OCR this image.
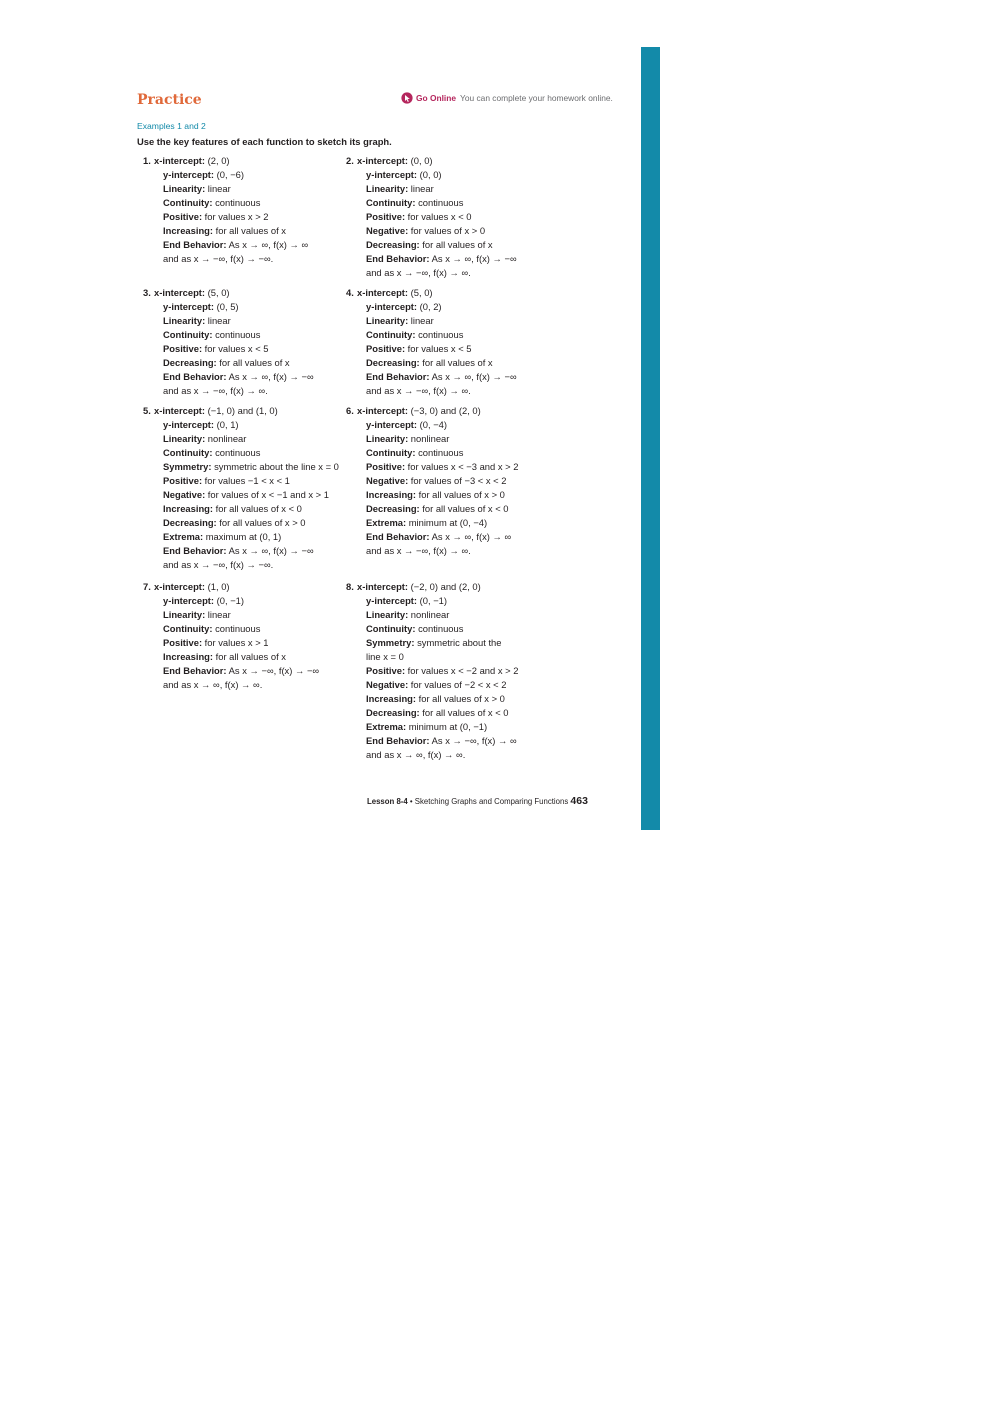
Practice	Go Online You can complete your homework online.
Examples 1 and 2
Use the key features of each function to sketch its graph.
1. x-intercept: (2, 0)
y-intercept: (0, −6)
Linearity: linear
Continuity: continuous
Positive: for values x > 2
Increasing: for all values of x
End Behavior: As x → ∞, f(x) → ∞
and as x → −∞, f(x) → −∞.
2. x-intercept: (0, 0)
y-intercept: (0, 0)
Linearity: linear
Continuity: continuous
Positive: for values x < 0
Negative: for values of x > 0
Decreasing: for all values of x
End Behavior: As x → ∞, f(x) → −∞
and as x → −∞, f(x) → ∞.
3. x-intercept: (5, 0)
y-intercept: (0, 5)
Linearity: linear
Continuity: continuous
Positive: for values x < 5
Decreasing: for all values of x
End Behavior: As x → ∞, f(x) → −∞
and as x → −∞, f(x) → ∞.
4. x-intercept: (5, 0)
y-intercept: (0, 2)
Linearity: linear
Continuity: continuous
Positive: for values x < 5
Decreasing: for all values of x
End Behavior: As x → ∞, f(x) → −∞
and as x → −∞, f(x) → ∞.
5. x-intercept: (−1, 0) and (1, 0)
y-intercept: (0, 1)
Linearity: nonlinear
Continuity: continuous
Symmetry: symmetric about the line x = 0
Positive: for values −1 < x < 1
Negative: for values of x < −1 and x > 1
Increasing: for all values of x < 0
Decreasing: for all values of x > 0
Extrema: maximum at (0, 1)
End Behavior: As x → ∞, f(x) → −∞
and as x → −∞, f(x) → −∞.
6. x-intercept: (−3, 0) and (2, 0)
y-intercept: (0, −4)
Linearity: nonlinear
Continuity: continuous
Positive: for values x < −3 and x > 2
Negative: for values of −3 < x < 2
Increasing: for all values of x > 0
Decreasing: for all values of x < 0
Extrema: minimum at (0, −4)
End Behavior: As x → ∞, f(x) → ∞
and as x → −∞, f(x) → ∞.
7. x-intercept: (1, 0)
y-intercept: (0, −1)
Linearity: linear
Continuity: continuous
Positive: for values x > 1
Increasing: for all values of x
End Behavior: As x → −∞, f(x) → −∞
and as x → ∞, f(x) → ∞.
8. x-intercept: (−2, 0) and (2, 0)
y-intercept: (0, −1)
Linearity: nonlinear
Continuity: continuous
Symmetry: symmetric about the
line x = 0
Positive: for values x < −2 and x > 2
Negative: for values of −2 < x < 2
Increasing: for all values of x > 0
Decreasing: for all values of x < 0
Extrema: minimum at (0, −1)
End Behavior: As x → −∞, f(x) → ∞
and as x → ∞, f(x) → ∞.
Lesson 8-4 • Sketching Graphs and Comparing Functions 463
